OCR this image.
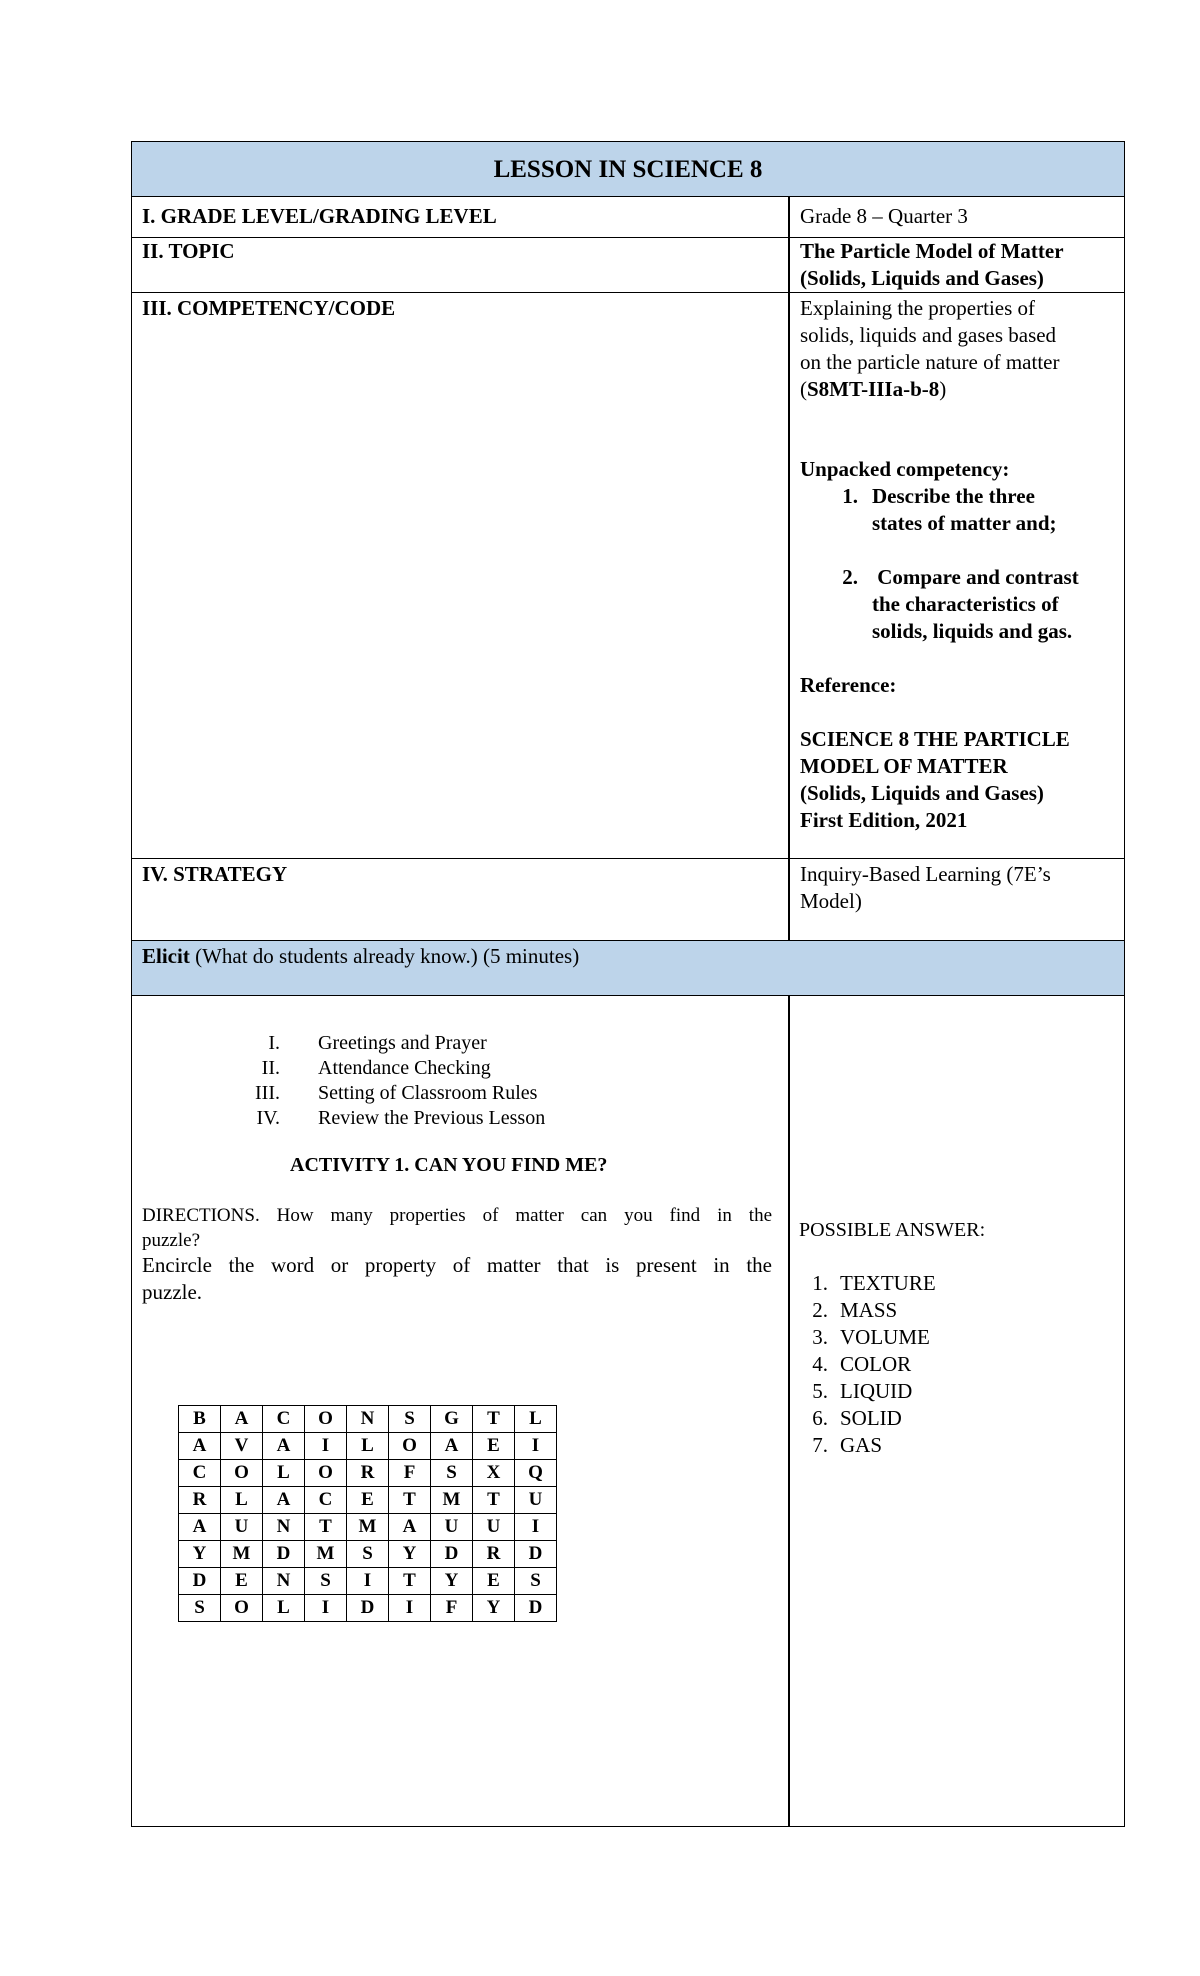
LESSON IN SCIENCE 8
I. GRADE LEVEL/GRADING LEVEL	Grade 8 – Quarter 3
II. TOPIC	The Particle Model of Matter
(Solids, Liquids and Gases)
III. COMPETENCY/CODE	Explaining the properties of
solids, liquids and gases based
on the particle nature of matter
(S8MT-IIIa-b-8)
Unpacked competency:
1. Describe the three
states of matter and;
2. Compare and contrast
the characteristics of
solids, liquids and gas.
Reference:
SCIENCE 8 THE PARTICLE
MODEL OF MATTER
(Solids, Liquids and Gases)
First Edition, 2021
IV. STRATEGY	Inquiry-Based Learning (7E’s
Model)
Elicit (What do students already know.) (5 minutes)
I. Greetings and Prayer
II. Attendance Checking
III. Setting of Classroom Rules
IV. Review the Previous Lesson
ACTIVITY 1. CAN YOU FIND ME?
DIRECTIONS. How many properties of matter can you find in the
puzzle?
Encircle the word or property of matter that is present in the
puzzle.
B	A	C	O	N	S	G	T	L
A	V	A	I	L	O	A	E	I
C	O	L	O	R	F	S	X	Q
R	L	A	C	E	T	M	T	U
A	U	N	T	M	A	U	U	I
Y	M	D	M	S	Y	D	R	D
D	E	N	S	I	T	Y	E	S
S	O	L	I	D	I	F	Y	D
POSSIBLE ANSWER:
1. TEXTURE
2. MASS
3. VOLUME
4. COLOR
5. LIQUID
6. SOLID
7. GAS
